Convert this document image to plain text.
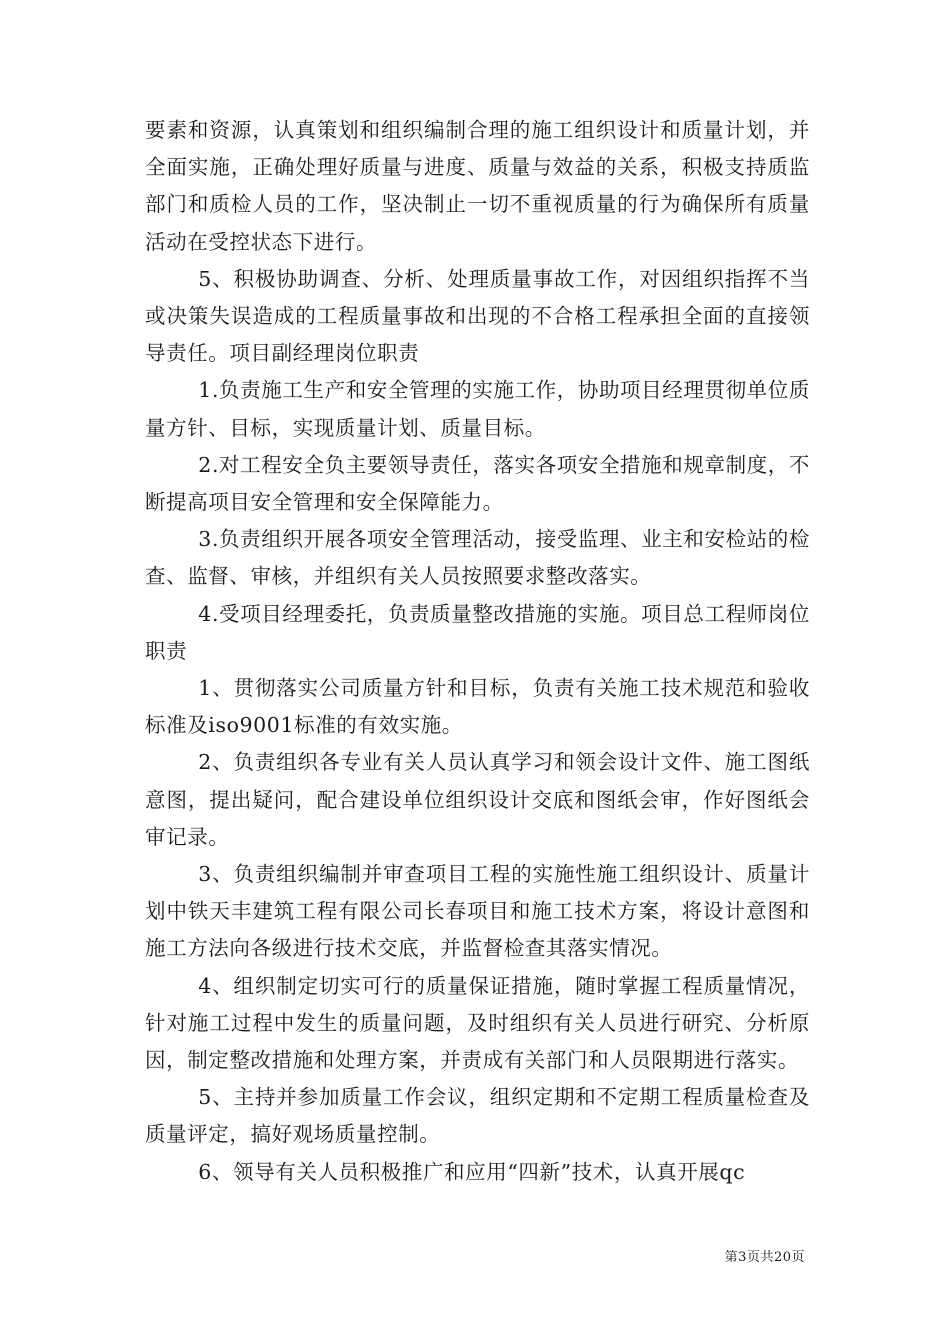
要素和资源，认真策划和组织编制合理的施工组织设计和质量计划，并全面实施，正确处理好质量与进度、质量与效益的关系，积极支持质监部门和质检人员的工作，坚决制止一切不重视质量的行为确保所有质量活动在受控状态下进行。

5、积极协助调查、分析、处理质量事故工作，对因组织指挥不当或决策失误造成的工程质量事故和出现的不合格工程承担全面的直接领导责任。项目副经理岗位职责

1.负责施工生产和安全管理的实施工作，协助项目经理贯彻单位质量方针、目标，实现质量计划、质量目标。

2.对工程安全负主要领导责任，落实各项安全措施和规章制度，不断提高项目安全管理和安全保障能力。

3.负责组织开展各项安全管理活动，接受监理、业主和安检站的检查、监督、审核，并组织有关人员按照要求整改落实。

4.受项目经理委托，负责质量整改措施的实施。项目总工程师岗位职责

1、贯彻落实公司质量方针和目标，负责有关施工技术规范和验收标准及iso9001标准的有效实施。

2、负责组织各专业有关人员认真学习和领会设计文件、施工图纸意图，提出疑问，配合建设单位组织设计交底和图纸会审，作好图纸会审记录。

3、负责组织编制并审查项目工程的实施性施工组织设计、质量计划中铁天丰建筑工程有限公司长春项目和施工技术方案，将设计意图和施工方法向各级进行技术交底，并监督检查其落实情况。

4、组织制定切实可行的质量保证措施，随时掌握工程质量情况，针对施工过程中发生的质量问题，及时组织有关人员进行研究、分析原因，制定整改措施和处理方案，并责成有关部门和人员限期进行落实。

5、主持并参加质量工作会议，组织定期和不定期工程质量检查及质量评定，搞好观场质量控制。

6、领导有关人员积极推广和应用“四新”技术，认真开展qc

第3页共20页
